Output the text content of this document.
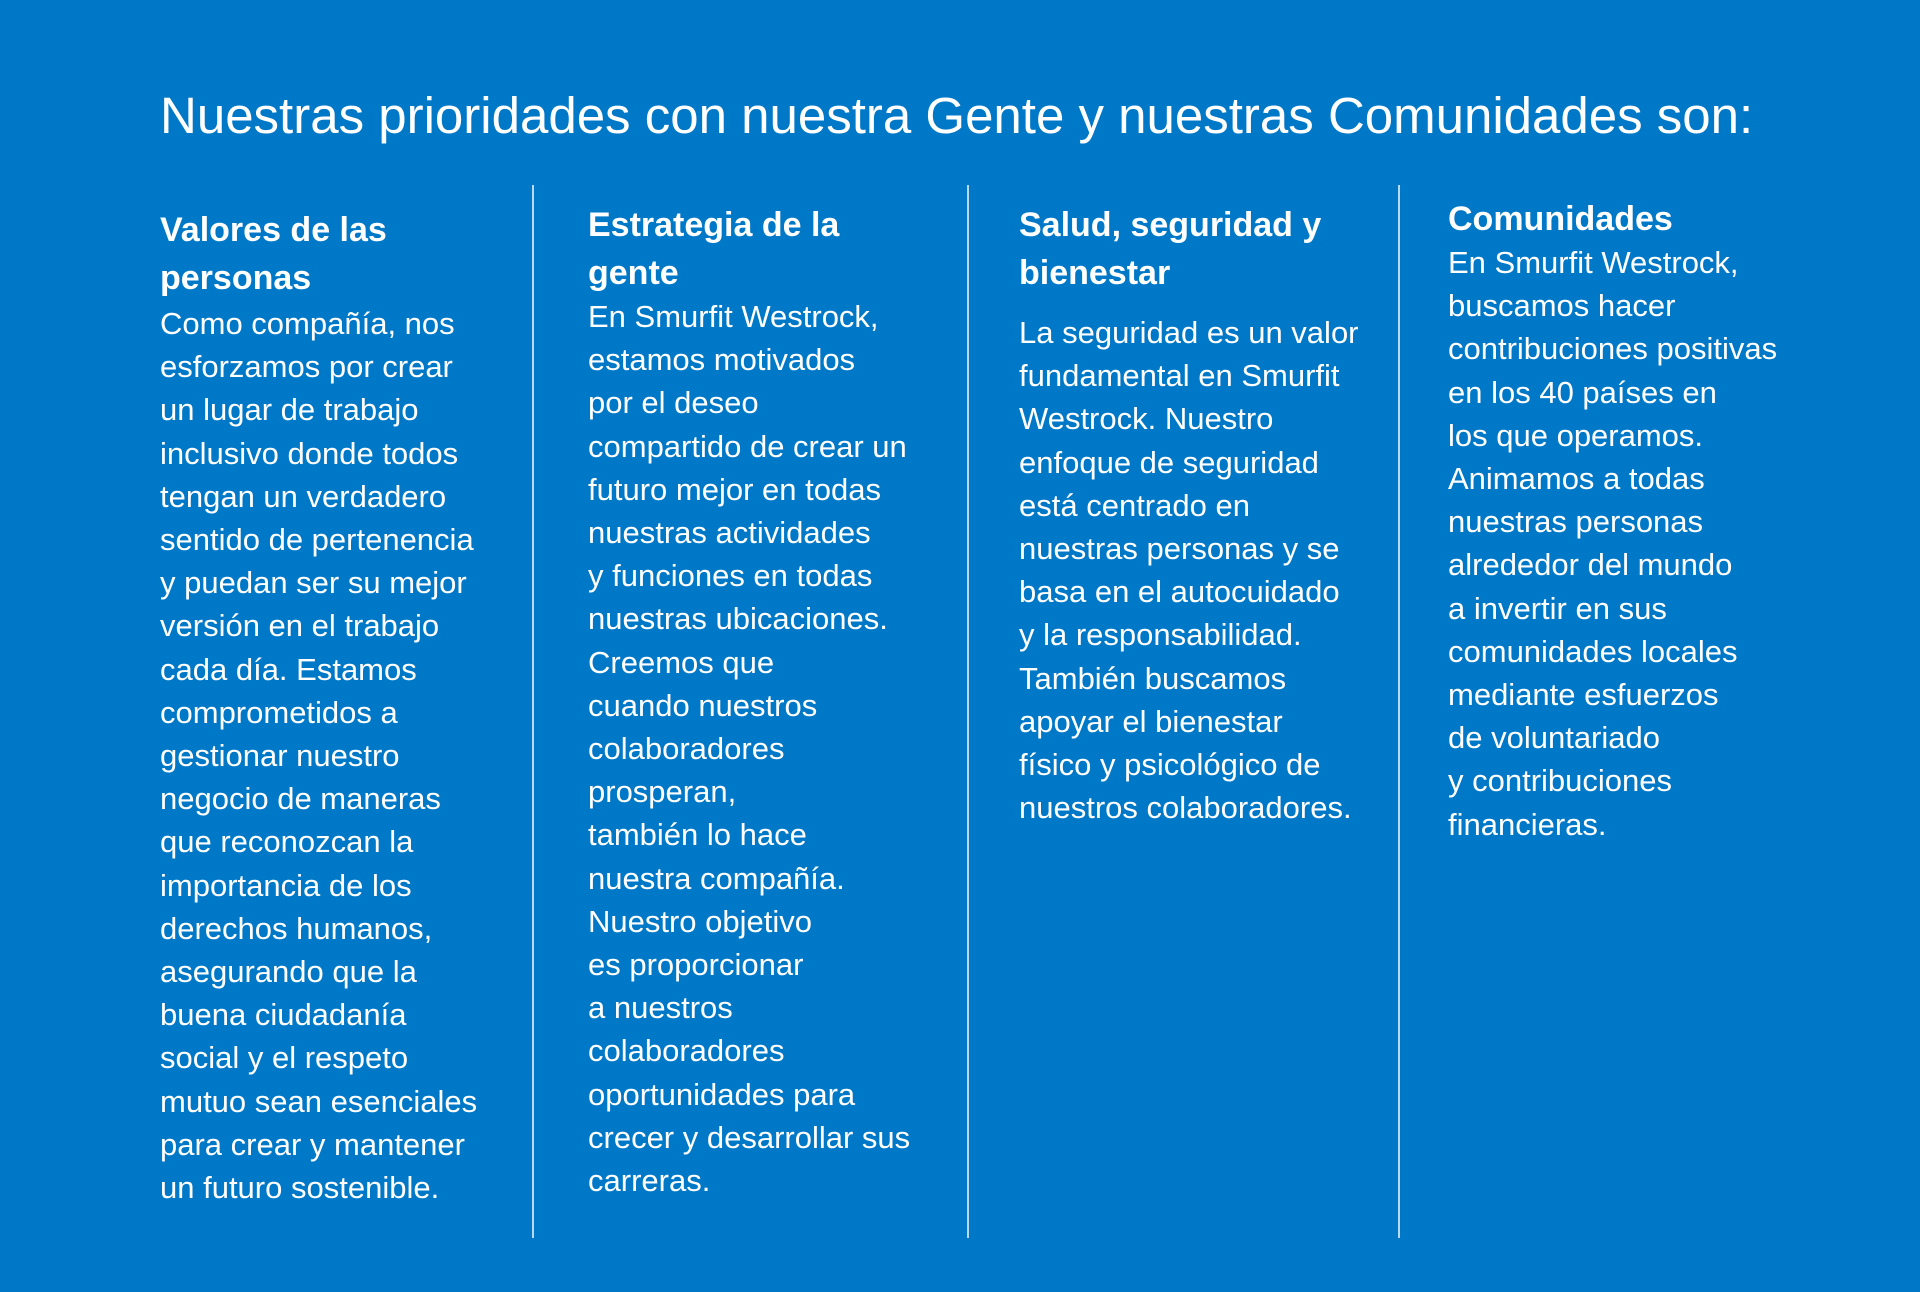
Nuestras prioridades con nuestra Gente y nuestras Comunidades son:
Valores de las
personas

Como compañía, nos
esforzamos por crear
un lugar de trabajo
inclusivo donde todos
tengan un verdadero
sentido de pertenencia
y puedan ser su mejor
versión en el trabajo
cada día. Estamos
comprometidos a
gestionar nuestro
negocio de maneras
que reconozcan la
importancia de los
derechos humanos,
asegurando que la
buena ciudadanía
social y el respeto
mutuo sean esenciales
para crear y mantener
un futuro sostenible.

Estrategia de la
gente

En Smurfit Westrock,
estamos motivados
por el deseo
compartido de crear un
futuro mejor en todas
nuestras actividades
y funciones en todas
nuestras ubicaciones.
Creemos que
cuando nuestros
colaboradores
prosperan,
también lo hace
nuestra compañía.
Nuestro objetivo
es proporcionar
a nuestros
colaboradores
oportunidades para
crecer y desarrollar sus
carreras.

Salud, seguridad y
bienestar

La seguridad es un valor
fundamental en Smurfit
Westrock. Nuestro
enfoque de seguridad
está centrado en
nuestras personas y se
basa en el autocuidado
y la responsabilidad.
También buscamos
apoyar el bienestar
físico y psicológico de
nuestros colaboradores.

Comunidades

En Smurfit Westrock,
buscamos hacer
contribuciones positivas
en los 40 países en
los que operamos.
Animamos a todas
nuestras personas
alrededor del mundo
a invertir en sus
comunidades locales
mediante esfuerzos
de voluntariado
y contribuciones
financieras.
